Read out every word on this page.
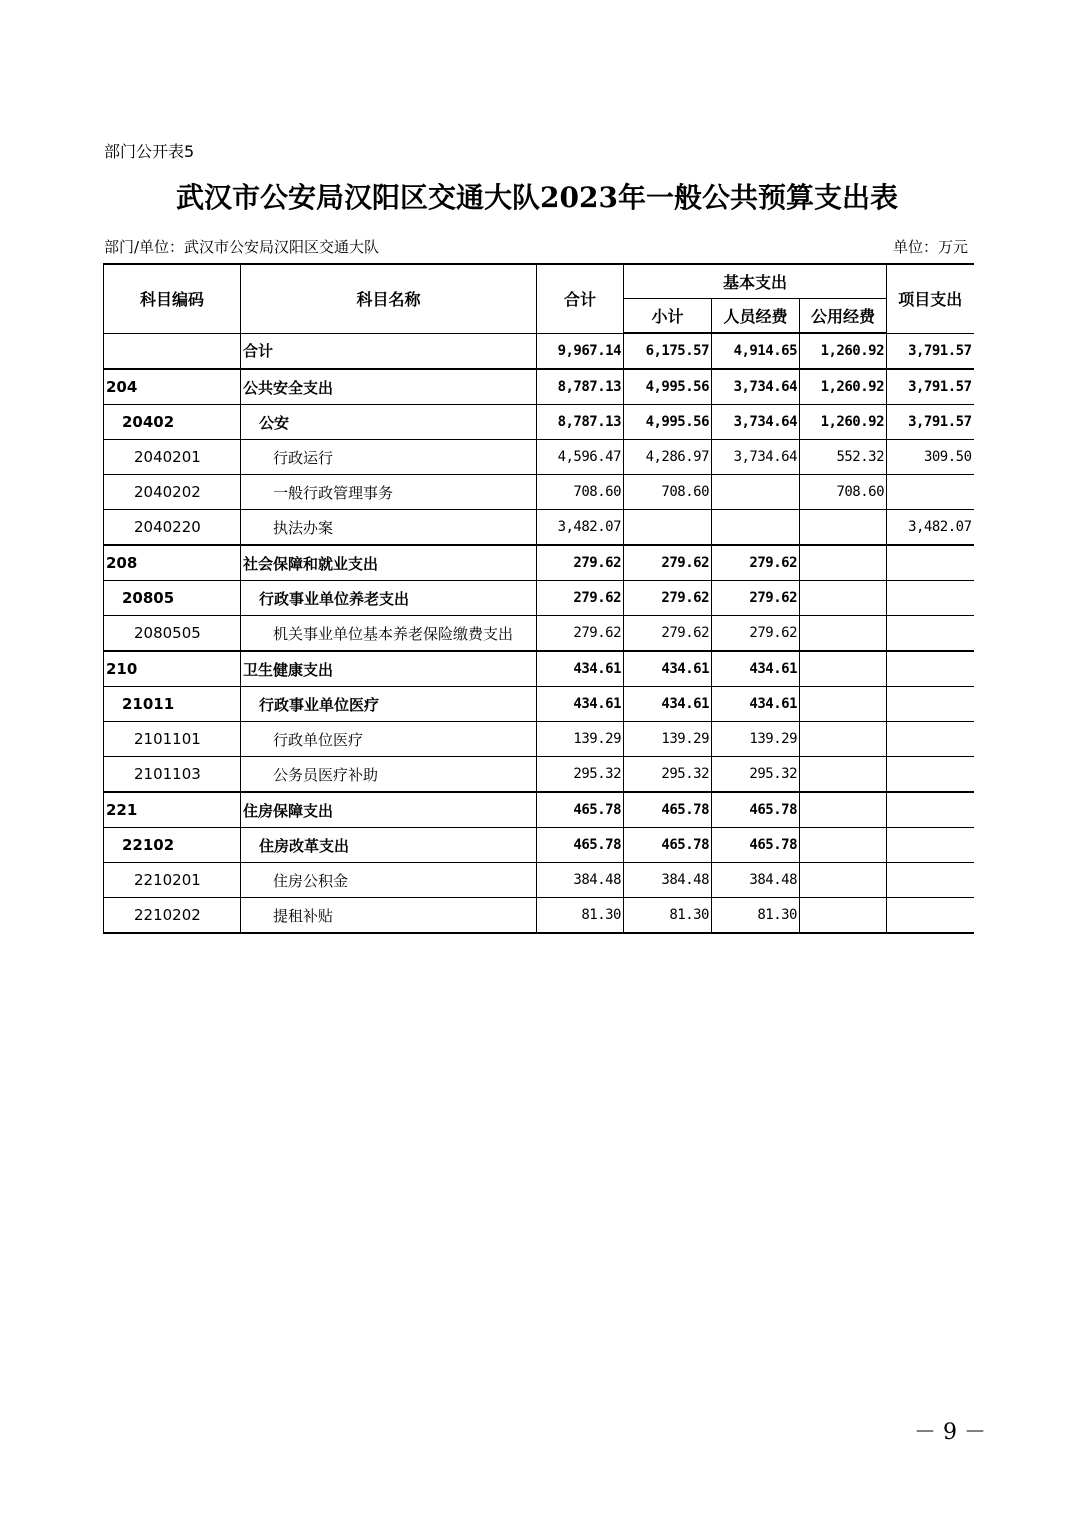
部门公开表5
武汉市公安局汉阳区交通大队2023年一般公共预算支出表
部门/单位：武汉市公安局汉阳区交通大队	单位：万元
科目编码	科目名称	合计	基本支出			项目支出
			小计	人员经费	公用经费	
	合计	9,967.14	6,175.57	4,914.65	1,260.92	3,791.57
204	公共安全支出	8,787.13	4,995.56	3,734.64	1,260.92	3,791.57
20402	公安	8,787.13	4,995.56	3,734.64	1,260.92	3,791.57
2040201	行政运行	4,596.47	4,286.97	3,734.64	552.32	309.50
2040202	一般行政管理事务	708.60	708.60		708.60	
2040220	执法办案	3,482.07				3,482.07
208	社会保障和就业支出	279.62	279.62	279.62		
20805	行政事业单位养老支出	279.62	279.62	279.62		
2080505	机关事业单位基本养老保险缴费支出	279.62	279.62	279.62		
210	卫生健康支出	434.61	434.61	434.61		
21011	行政事业单位医疗	434.61	434.61	434.61		
2101101	行政单位医疗	139.29	139.29	139.29		
2101103	公务员医疗补助	295.32	295.32	295.32		
221	住房保障支出	465.78	465.78	465.78		
22102	住房改革支出	465.78	465.78	465.78		
2210201	住房公积金	384.48	384.48	384.48		
2210202	提租补贴	81.30	81.30	81.30		
－ 9 －
